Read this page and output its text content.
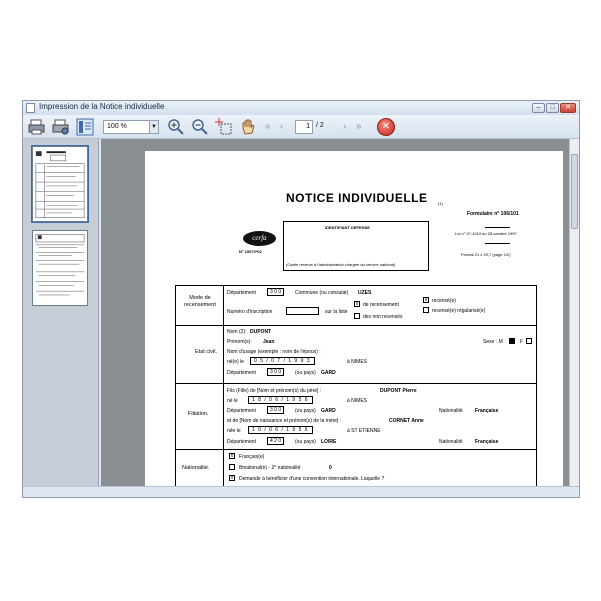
Impression de la Notice individuelle	–	□	✕
100 %	▼	« ‹	1 / 2 › »	✕
NOTICE INDIVIDUELLE	(1)
Formulaire n° 106/101
Loi n° 97-1019 du 28 octobre 1997
Format 21 x 29,7 (page 1/2)
cerfa
N° 10070*02
IDENTIFIANT DEFENSE
(Cadre réservé à l'administration chargée du service national)
Mode de recensement
Département	3 0 0	Commune (ou consulat) UZES
Numéro d'inscription	sur la liste
x de recensement
des non recensés
x recensé(e)
recensé(e) régularisé(e)
Etat civil.
Nom (2): DUPONT
Prénom(s): Jean	Sexe : M	F
Nom d'usage (exemple : nom de l'époux) :
né(e) le	0 5 / 0 7 / 1 9 9 3	à NIMES
Département	3 0 0	(ou pays) GARD
Filiation.
Fils (Fille) de [Nom et prénom(s) du père] :	DUPONT Pierre
né le	1 8 / 0 6 / 1 9 5 6	à NIMES
Département	3 0 0	(ou pays) GARD	Nationalité Française
et de [Nom de naissance et prénom(s) de la mère] :	CORNET Anne
née le	1 0 / 0 6 / 1 9 5 6	à ST ETIENNE
Département	4 2 0	(ou pays) LOIRE	Nationalité Française
Nationalité.
x	Français(e)
Binational(e) - 2° nationalité	0
x	Demande à bénéficier d'une convention internationale. Laquelle ?
